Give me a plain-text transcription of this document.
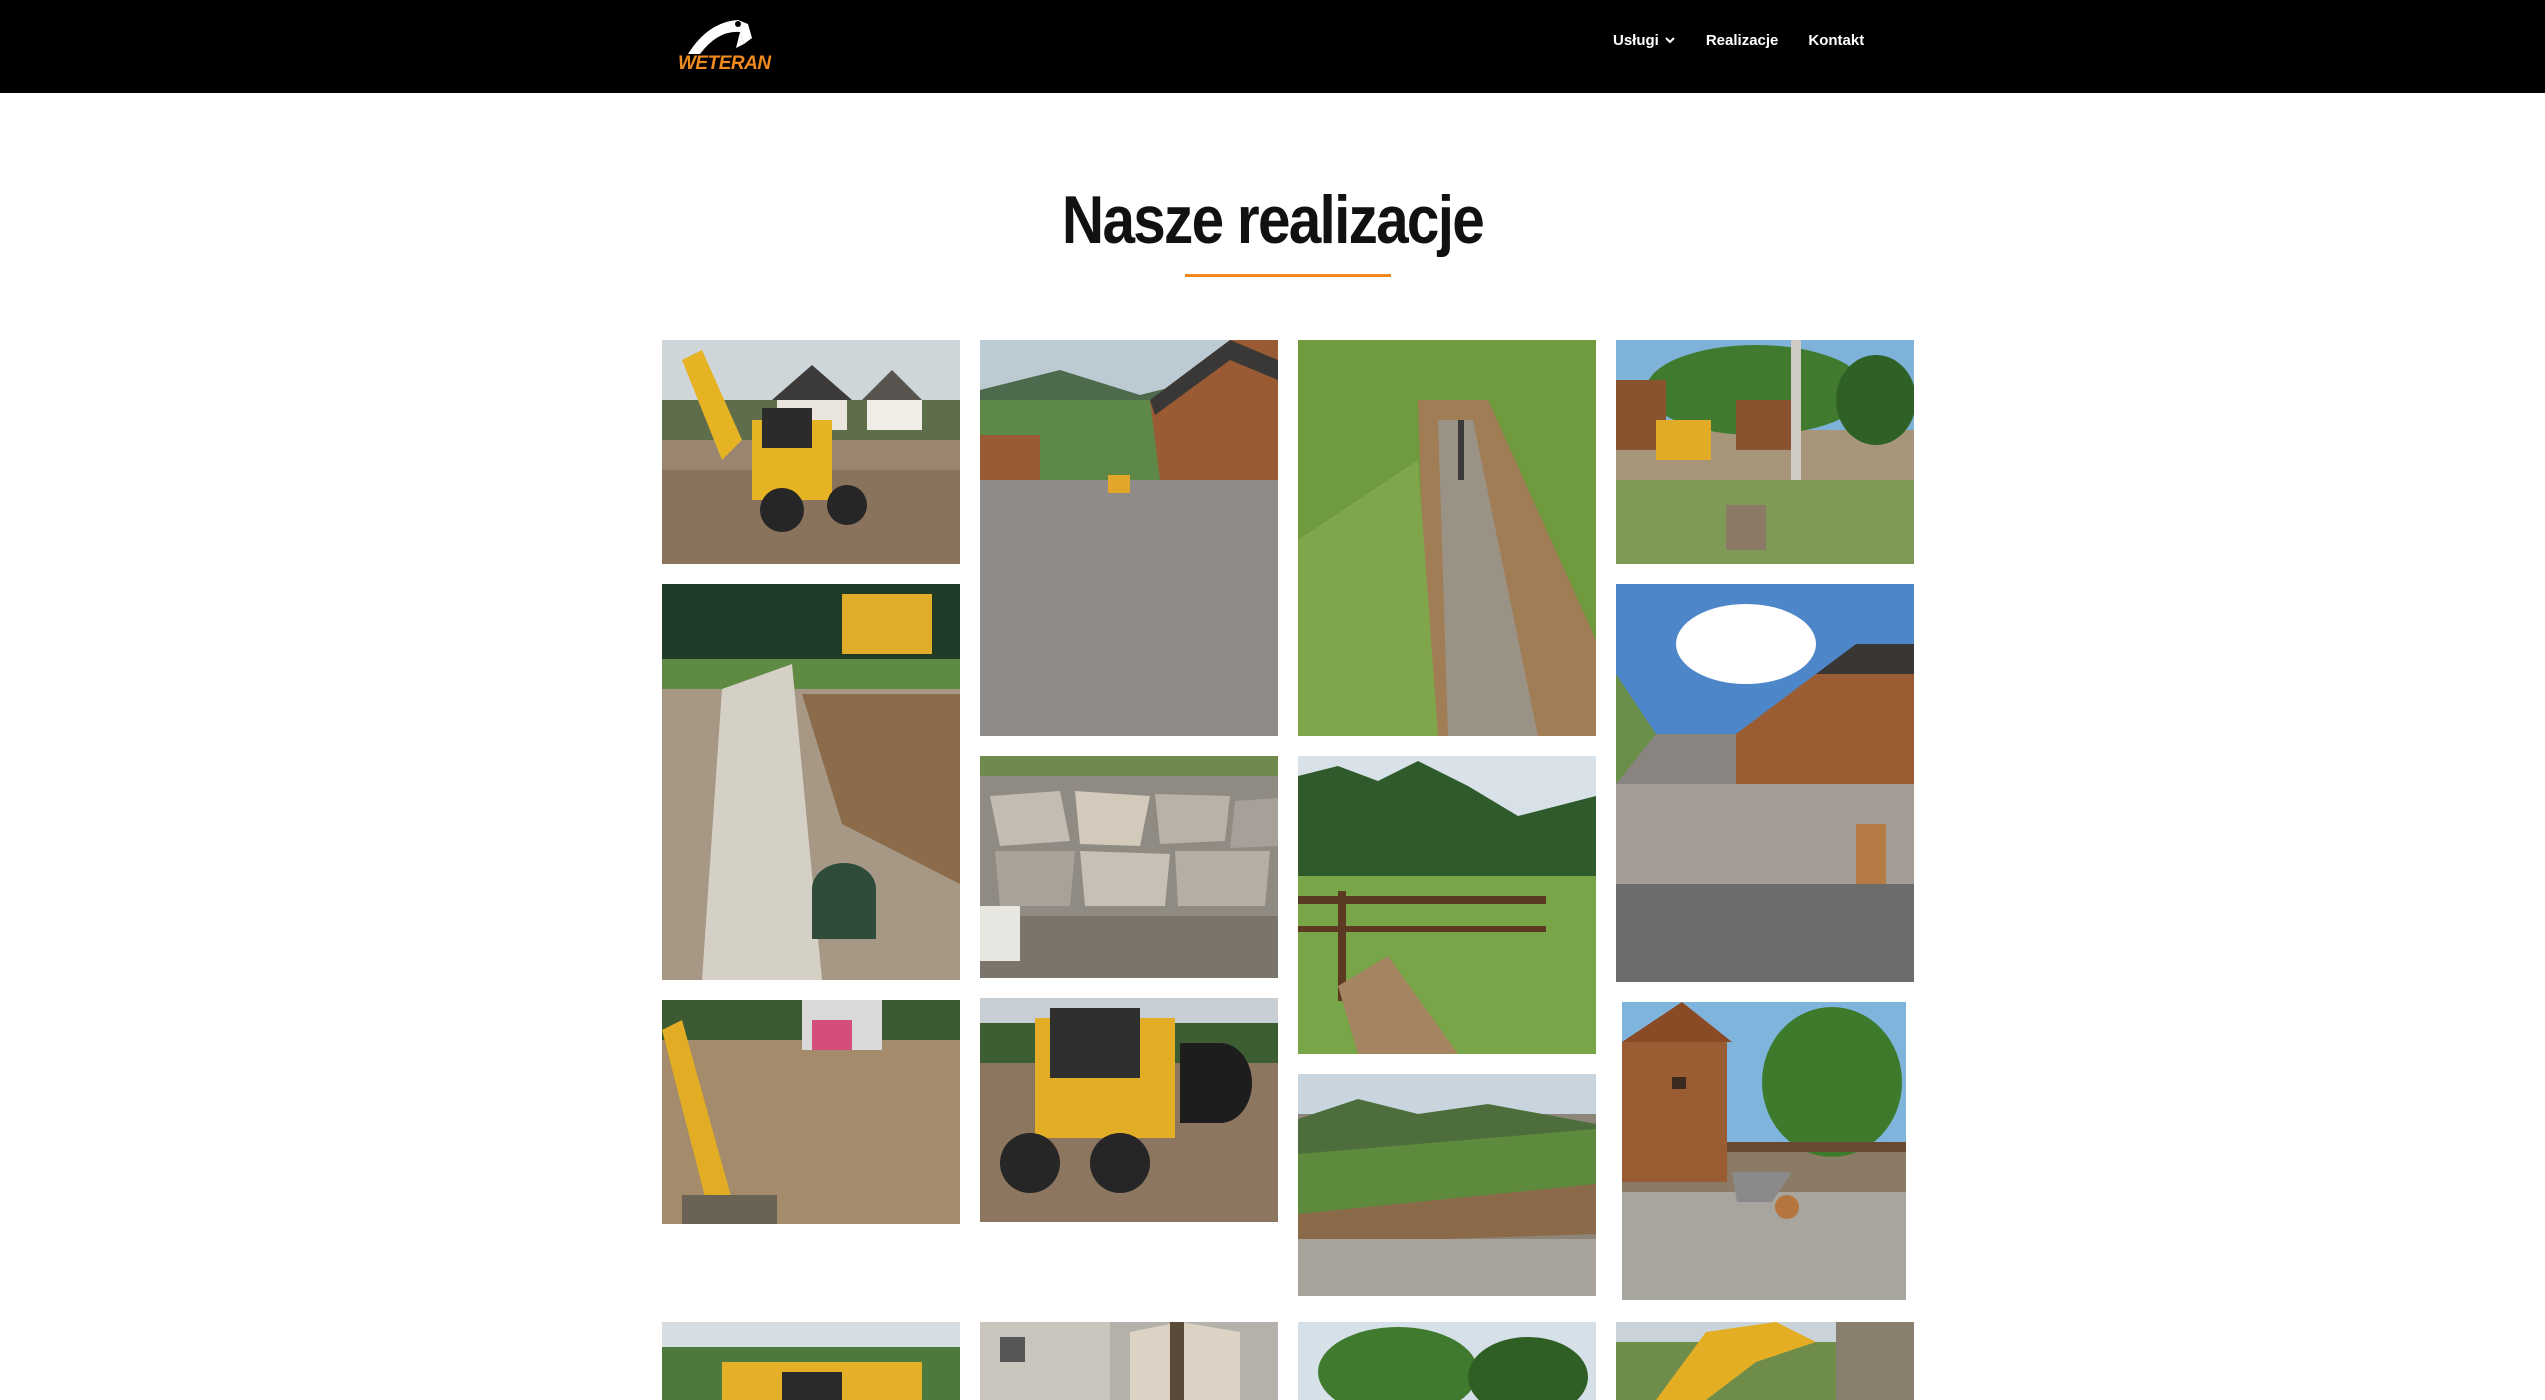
WETERAN
Usługi	Realizacje Kontakt
Nasze realizacje
